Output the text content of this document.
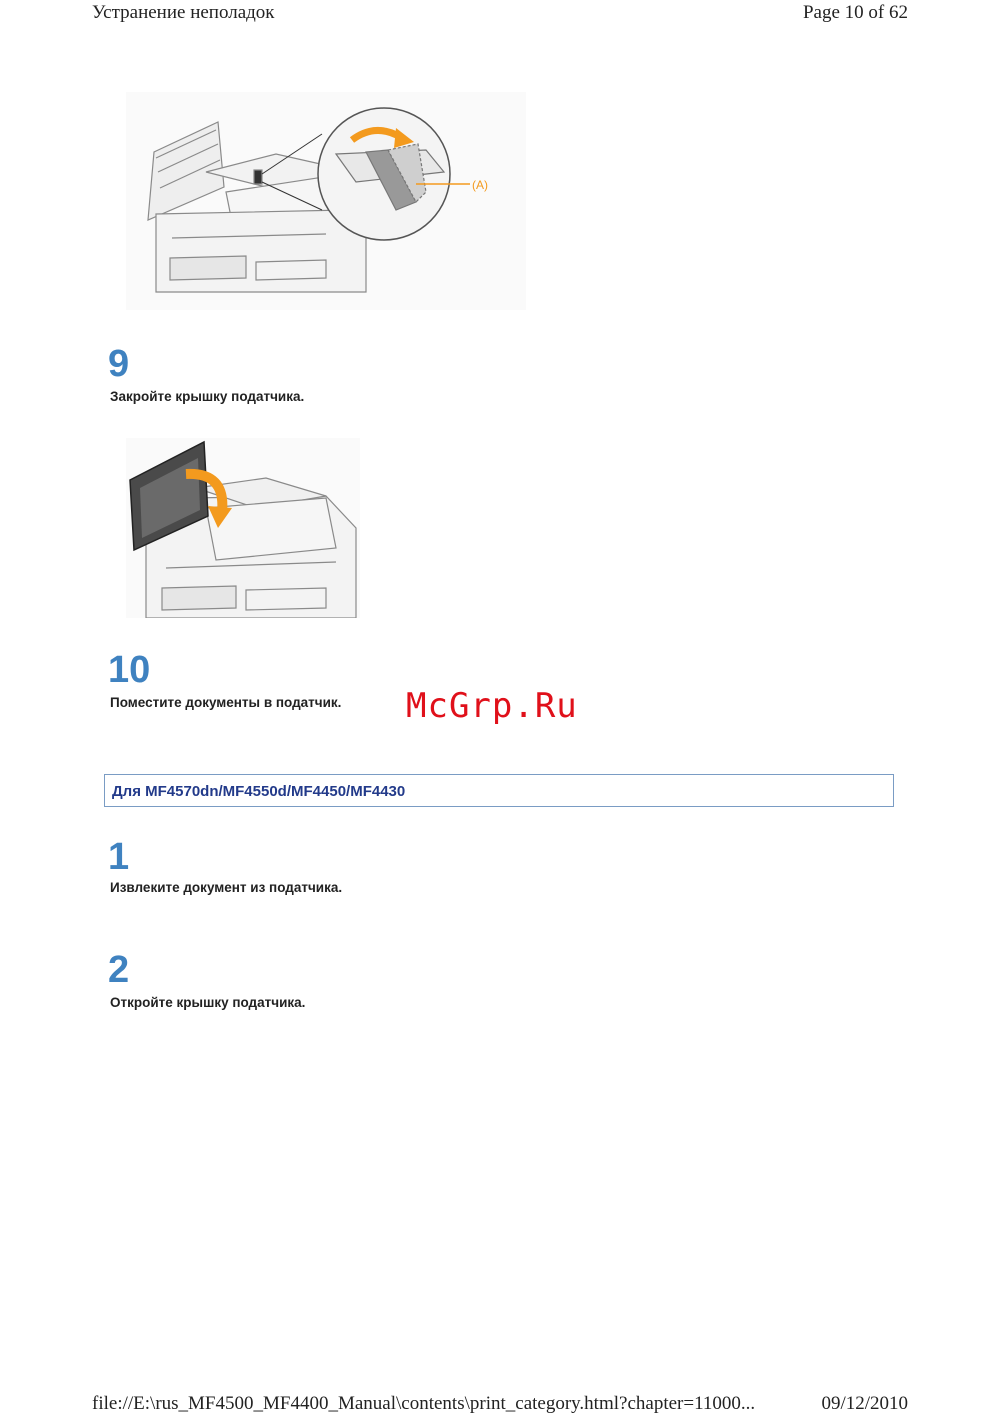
Устранение неполадок	Page 10 of 62
(A)
9
Закройте крышку податчика.
10
Поместите документы в податчик. McGrp.Ru
Для MF4570dn/MF4550d/MF4450/MF4430
1
Извлеките документ из податчика.
2
Откройте крышку податчика.
file://E:\rus_MF4500_MF4400_Manual\contents\print_category.html?chapter=11000...	09/12/2010
